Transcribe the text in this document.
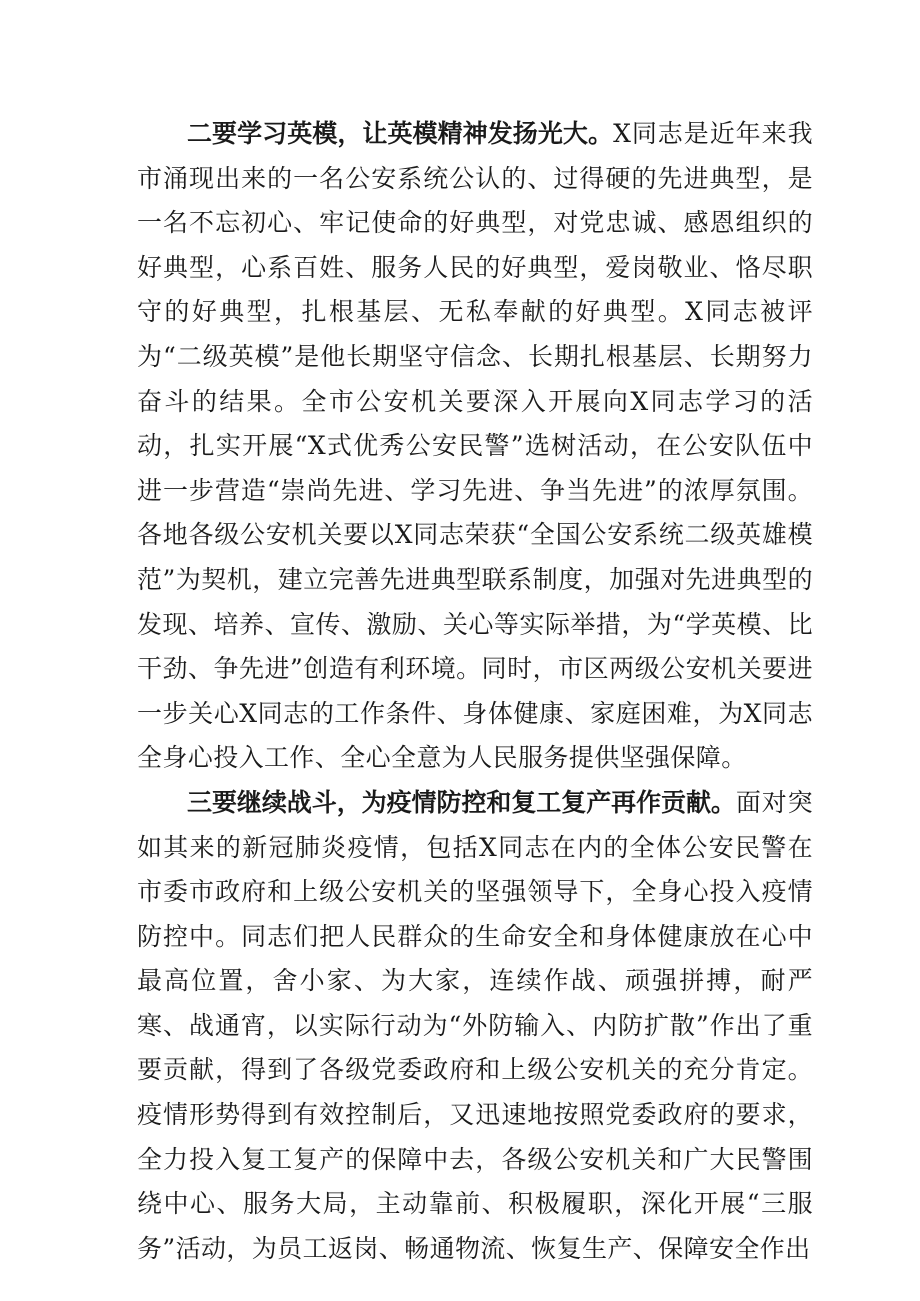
二要学习英模，让英模精神发扬光大。X同志是近年来我市涌现出来的一名公安系统公认的、过得硬的先进典型，是一名不忘初心、牢记使命的好典型，对党忠诚、感恩组织的好典型，心系百姓、服务人民的好典型，爱岗敬业、恪尽职守的好典型，扎根基层、无私奉献的好典型。X同志被评为“二级英模”是他长期坚守信念、长期扎根基层、长期努力奋斗的结果。全市公安机关要深入开展向X同志学习的活动，扎实开展“X式优秀公安民警”选树活动，在公安队伍中进一步营造“崇尚先进、学习先进、争当先进”的浓厚氛围。各地各级公安机关要以X同志荣获“全国公安系统二级英雄模范”为契机，建立完善先进典型联系制度，加强对先进典型的发现、培养、宣传、激励、关心等实际举措，为“学英模、比干劲、争先进”创造有利环境。同时，市区两级公安机关要进一步关心X同志的工作条件、身体健康、家庭困难，为X同志全身心投入工作、全心全意为人民服务提供坚强保障。

三要继续战斗，为疫情防控和复工复产再作贡献。面对突如其来的新冠肺炎疫情，包括X同志在内的全体公安民警在市委市政府和上级公安机关的坚强领导下，全身心投入疫情防控中。同志们把人民群众的生命安全和身体健康放在心中最高位置，舍小家、为大家，连续作战、顽强拼搏，耐严寒、战通宵，以实际行动为“外防输入、内防扩散”作出了重要贡献，得到了各级党委政府和上级公安机关的充分肯定。疫情形势得到有效控制后，又迅速地按照党委政府的要求，全力投入复工复产的保障中去，各级公安机关和广大民警围绕中心、服务大局，主动靠前、积极履职，深化开展“三服务”活动，为员工返岗、畅通物流、恢复生产、保障安全作出
